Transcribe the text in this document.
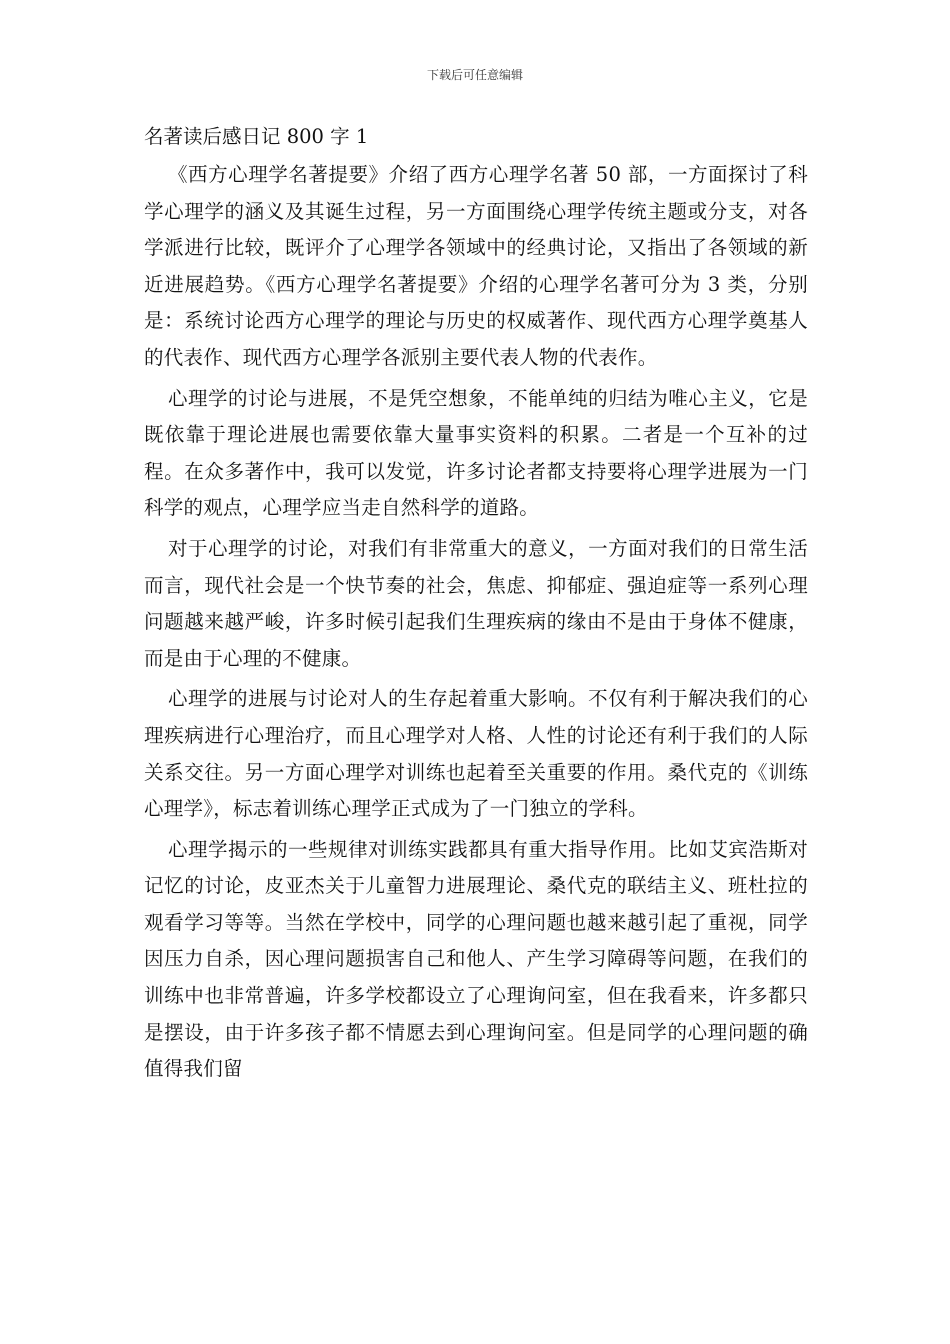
下载后可任意编辑
名著读后感日记 800 字 1

《西方心理学名著提要》介绍了西方心理学名著 50 部，一方面探讨了科学心理学的涵义及其诞生过程，另一方面围绕心理学传统主题或分支，对各学派进行比较，既评介了心理学各领域中的经典讨论，又指出了各领域的新近进展趋势。《西方心理学名著提要》介绍的心理学名著可分为 3 类，分别是：系统讨论西方心理学的理论与历史的权威著作、现代西方心理学奠基人的代表作、现代西方心理学各派别主要代表人物的代表作。

心理学的讨论与进展，不是凭空想象，不能单纯的归结为唯心主义，它是既依靠于理论进展也需要依靠大量事实资料的积累。二者是一个互补的过程。在众多著作中，我可以发觉，许多讨论者都支持要将心理学进展为一门科学的观点，心理学应当走自然科学的道路。

对于心理学的讨论，对我们有非常重大的意义，一方面对我们的日常生活而言，现代社会是一个快节奏的社会，焦虑、抑郁症、强迫症等一系列心理问题越来越严峻，许多时候引起我们生理疾病的缘由不是由于身体不健康，而是由于心理的不健康。

心理学的进展与讨论对人的生存起着重大影响。不仅有利于解决我们的心理疾病进行心理治疗，而且心理学对人格、人性的讨论还有利于我们的人际关系交往。另一方面心理学对训练也起着至关重要的作用。桑代克的《训练心理学》，标志着训练心理学正式成为了一门独立的学科。

心理学揭示的一些规律对训练实践都具有重大指导作用。比如艾宾浩斯对记忆的讨论，皮亚杰关于儿童智力进展理论、桑代克的联结主义、班杜拉的观看学习等等。当然在学校中，同学的心理问题也越来越引起了重视，同学因压力自杀，因心理问题损害自己和他人、产生学习障碍等问题，在我们的训练中也非常普遍，许多学校都设立了心理询问室，但在我看来，许多都只是摆设，由于许多孩子都不情愿去到心理询问室。但是同学的心理问题的确值得我们留
